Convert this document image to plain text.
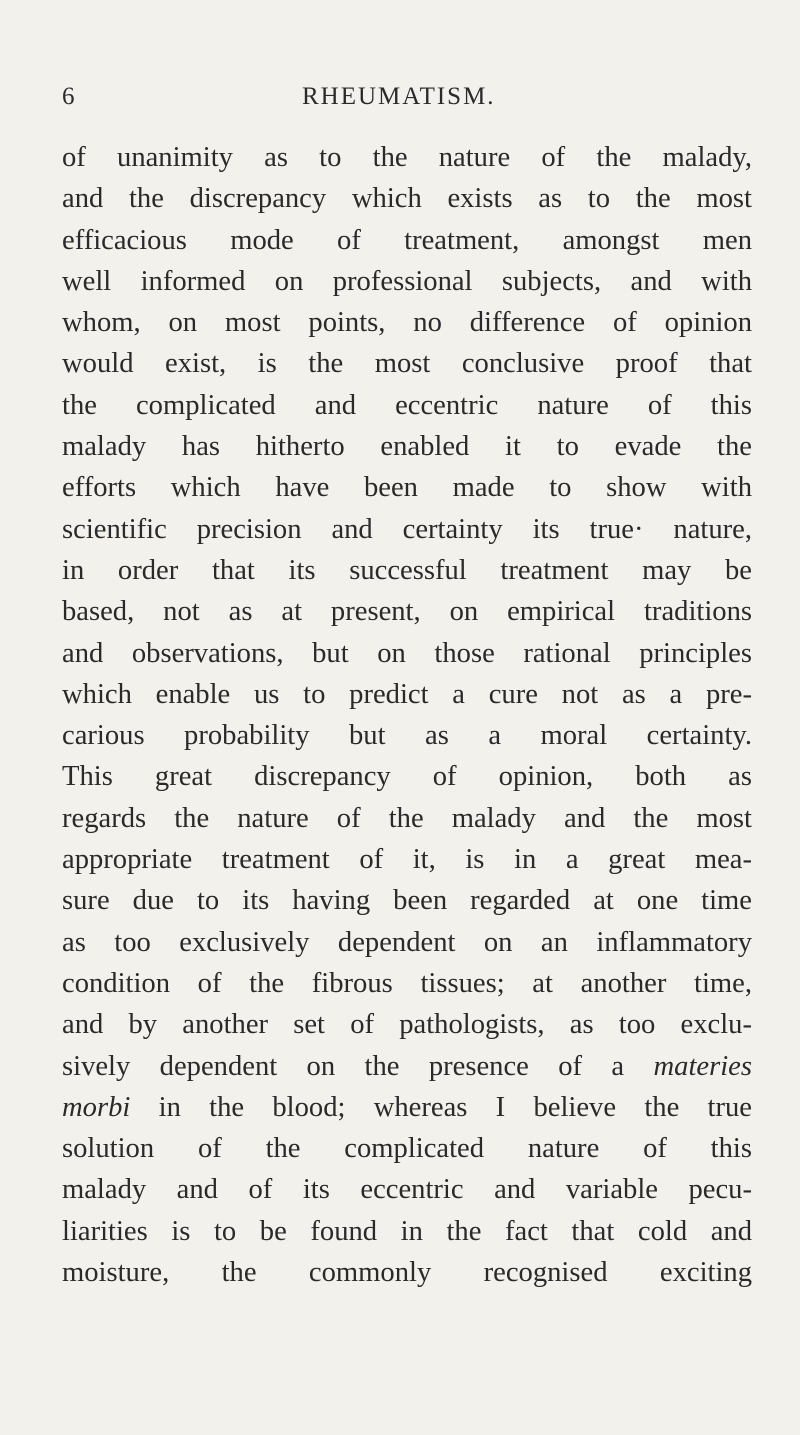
6	RHEUMATISM.
of unanimity as to the nature of the malady,
and the discrepancy which exists as to the most
efficacious mode of treatment, amongst men
well informed on professional subjects, and with
whom, on most points, no difference of opinion
would exist, is the most conclusive proof that
the complicated and eccentric nature of this
malady has hitherto enabled it to evade the
efforts which have been made to show with
scientific precision and certainty its true· nature,
in order that its successful treatment may be
based, not as at present, on empirical traditions
and observations, but on those rational principles
which enable us to predict a cure not as a pre-
carious probability but as a moral certainty.
This great discrepancy of opinion, both as
regards the nature of the malady and the most
appropriate treatment of it, is in a great mea-
sure due to its having been regarded at one time
as too exclusively dependent on an inflammatory
condition of the fibrous tissues; at another time,
and by another set of pathologists, as too exclu-
sively dependent on the presence of a materies
morbi in the blood; whereas I believe the true
solution of the complicated nature of this
malady and of its eccentric and variable pecu-
liarities is to be found in the fact that cold and
moisture, the commonly recognised exciting
